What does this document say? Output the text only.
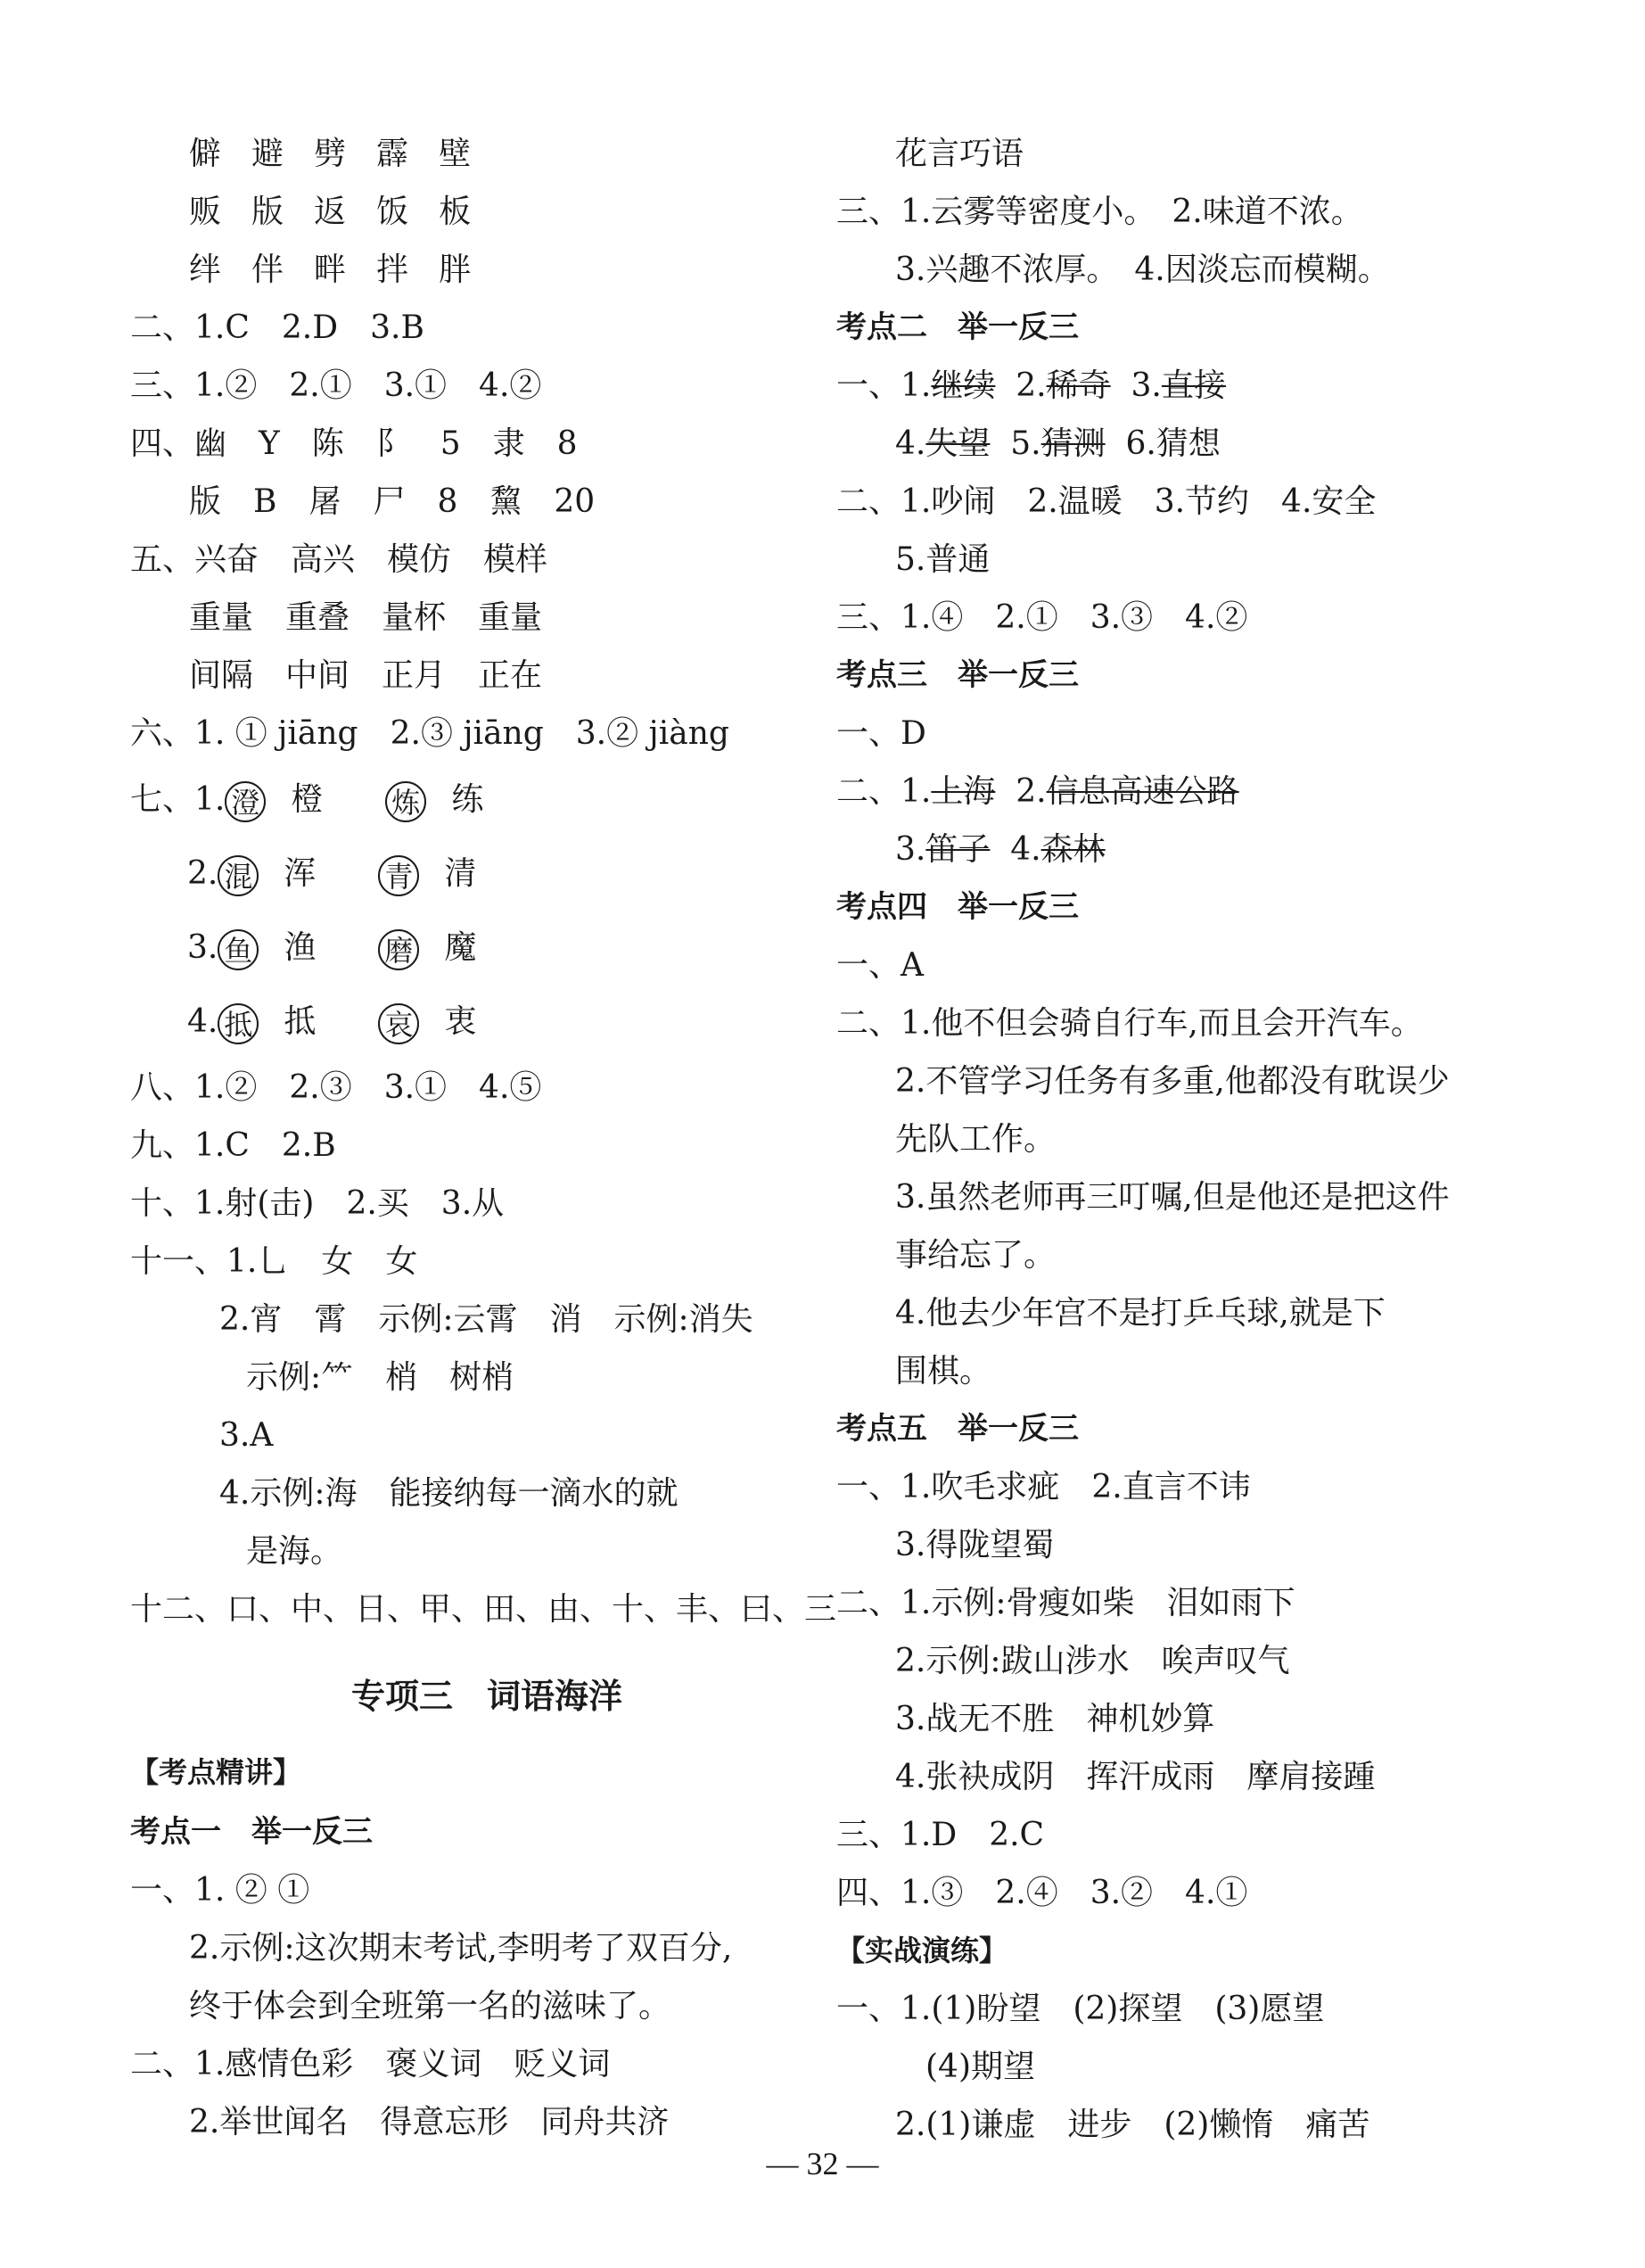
僻 避 劈 霹 壁
贩 版 返 饭 板
绊 伴 畔 拌 胖
二、1.C　2.D　3.B
三、1.②　2.①　3.①　4.②
四、幽　Y　陈　阝　5　隶　8
版　B　屠　尸　8　黧　20
五、兴奋　高兴　模仿　模样
重量　重叠　量杯　重量
间隔　中间　正月　正在
六、1. ① jiāng　2.③ jiāng　3.② jiàng
七、1. 澄 橙 炼 练
2. 混 浑 青 清
3. 鱼 渔 磨 魔
4. 抵 抵 哀 衷
八、1.②　2.③　3.①　4.⑤
九、1.C　2.B
十、1.射(击)　2.买　3.从
十一、1.⺃　女　女
2.宵　霄　示例:云霄　消　示例:消失
示例:⺮　梢　树梢
3.A
4.示例:海　能接纳每一滴水的就
是海。
十二、口、中、日、甲、田、由、十、丰、曰、三
专项三　词语海洋
【考点精讲】
考点一　举一反三
一、1. ② ①
2.示例:这次期末考试,李明考了双百分,
终于体会到全班第一名的滋味了。
二、1.感情色彩　褒义词　贬义词
2.举世闻名　得意忘形　同舟共济
花言巧语
三、1.云雾等密度小。　2.味道不浓。
3.兴趣不浓厚。　4.因淡忘而模糊。
考点二　举一反三
一、1.继续 2.稀奇 3.直接
4.失望 5.猜测 6.猜想
二、1.吵闹　2.温暖　3.节约　4.安全
5.普通
三、1.④　2.①　3.③　4.②
考点三　举一反三
一、D
二、1.上海 2.信息高速公路
3.笛子 4.森林
考点四　举一反三
一、A
二、1.他不但会骑自行车,而且会开汽车。
2.不管学习任务有多重,他都没有耽误少
先队工作。
3.虽然老师再三叮嘱,但是他还是把这件
事给忘了。
4.他去少年宫不是打乒乓球,就是下
围棋。
考点五　举一反三
一、1.吹毛求疵　2.直言不讳
3.得陇望蜀
二、1.示例:骨瘦如柴　泪如雨下
2.示例:跋山涉水　唉声叹气
3.战无不胜　神机妙算
4.张袂成阴　挥汗成雨　摩肩接踵
三、1.D　2.C
四、1.③　2.④　3.②　4.①
【实战演练】
一、1.(1)盼望　(2)探望　(3)愿望
(4)期望
2.(1)谦虚　进步　(2)懒惰　痛苦
— 32 —
